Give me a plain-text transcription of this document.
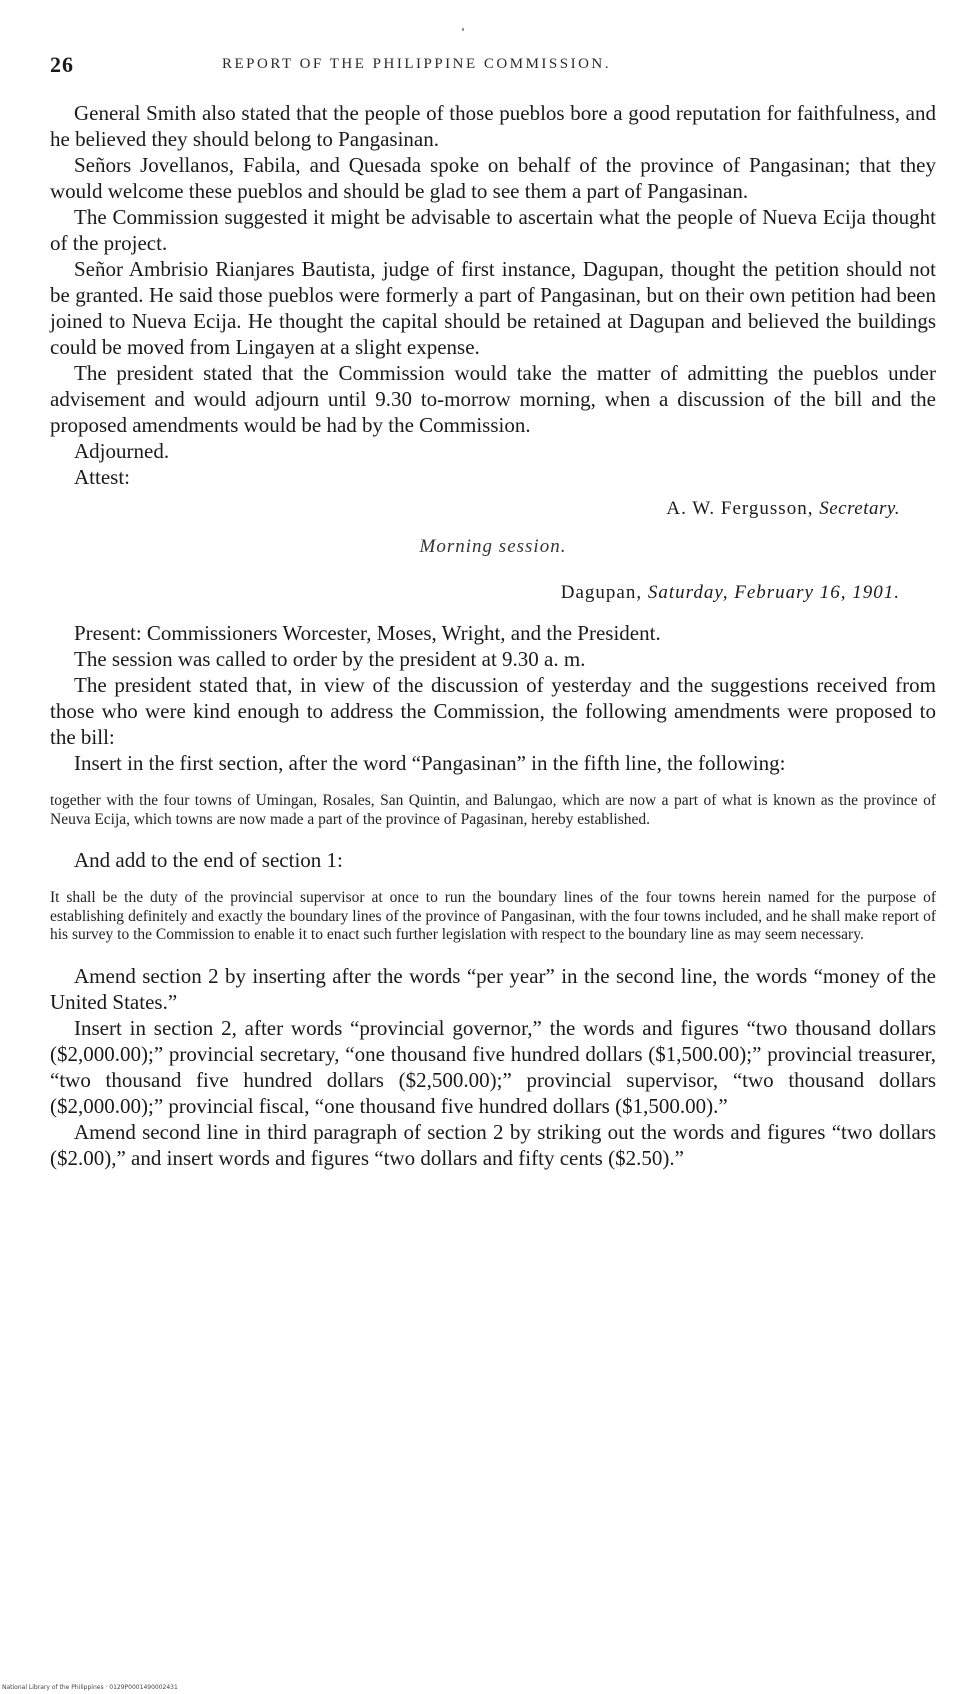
26	REPORT OF THE PHILIPPINE COMMISSION.

General Smith also stated that the people of those pueblos bore a good reputation for faithfulness, and he believed they should belong to Pangasinan.

Señors Jovellanos, Fabila, and Quesada spoke on behalf of the province of Pangasinan; that they would welcome these pueblos and should be glad to see them a part of Pangasinan.

The Commission suggested it might be advisable to ascertain what the people of Nueva Ecija thought of the project.

Señor Ambrisio Rianjares Bautista, judge of first instance, Dagupan, thought the petition should not be granted. He said those pueblos were formerly a part of Pangasinan, but on their own petition had been joined to Nueva Ecija. He thought the capital should be retained at Dagupan and believed the buildings could be moved from Lingayen at a slight expense.

The president stated that the Commission would take the matter of admitting the pueblos under advisement and would adjourn until 9.30 to-morrow morning, when a discussion of the bill and the proposed amendments would be had by the Commission.

Adjourned.

Attest:

A. W. Fergusson, Secretary.

Morning session.

Dagupan, Saturday, February 16, 1901.

Present: Commissioners Worcester, Moses, Wright, and the President.

The session was called to order by the president at 9.30 a. m.

The president stated that, in view of the discussion of yesterday and the suggestions received from those who were kind enough to address the Commission, the following amendments were proposed to the bill:

Insert in the first section, after the word “Pangasinan” in the fifth line, the following:

together with the four towns of Umingan, Rosales, San Quintin, and Balungao, which are now a part of what is known as the province of Neuva Ecija, which towns are now made a part of the province of Pagasinan, hereby established.

And add to the end of section 1:

It shall be the duty of the provincial supervisor at once to run the boundary lines of the four towns herein named for the purpose of establishing definitely and exactly the boundary lines of the province of Pangasinan, with the four towns included, and he shall make report of his survey to the Commission to enable it to enact such further legislation with respect to the boundary line as may seem necessary.

Amend section 2 by inserting after the words “per year” in the second line, the words “money of the United States.”

Insert in section 2, after words “provincial governor,” the words and figures “two thousand dollars ($2,000.00);” provincial secretary, “one thousand five hundred dollars ($1,500.00);” provincial treasurer, “two thousand five hundred dollars ($2,500.00);” provincial supervisor, “two thousand dollars ($2,000.00);” provincial fiscal, “one thousand five hundred dollars ($1,500.00).”

Amend second line in third paragraph of section 2 by striking out the words and figures “two dollars ($2.00),” and insert words and figures “two dollars and fifty cents ($2.50).”

National Library of the Philippines · 0129P0001490002431
